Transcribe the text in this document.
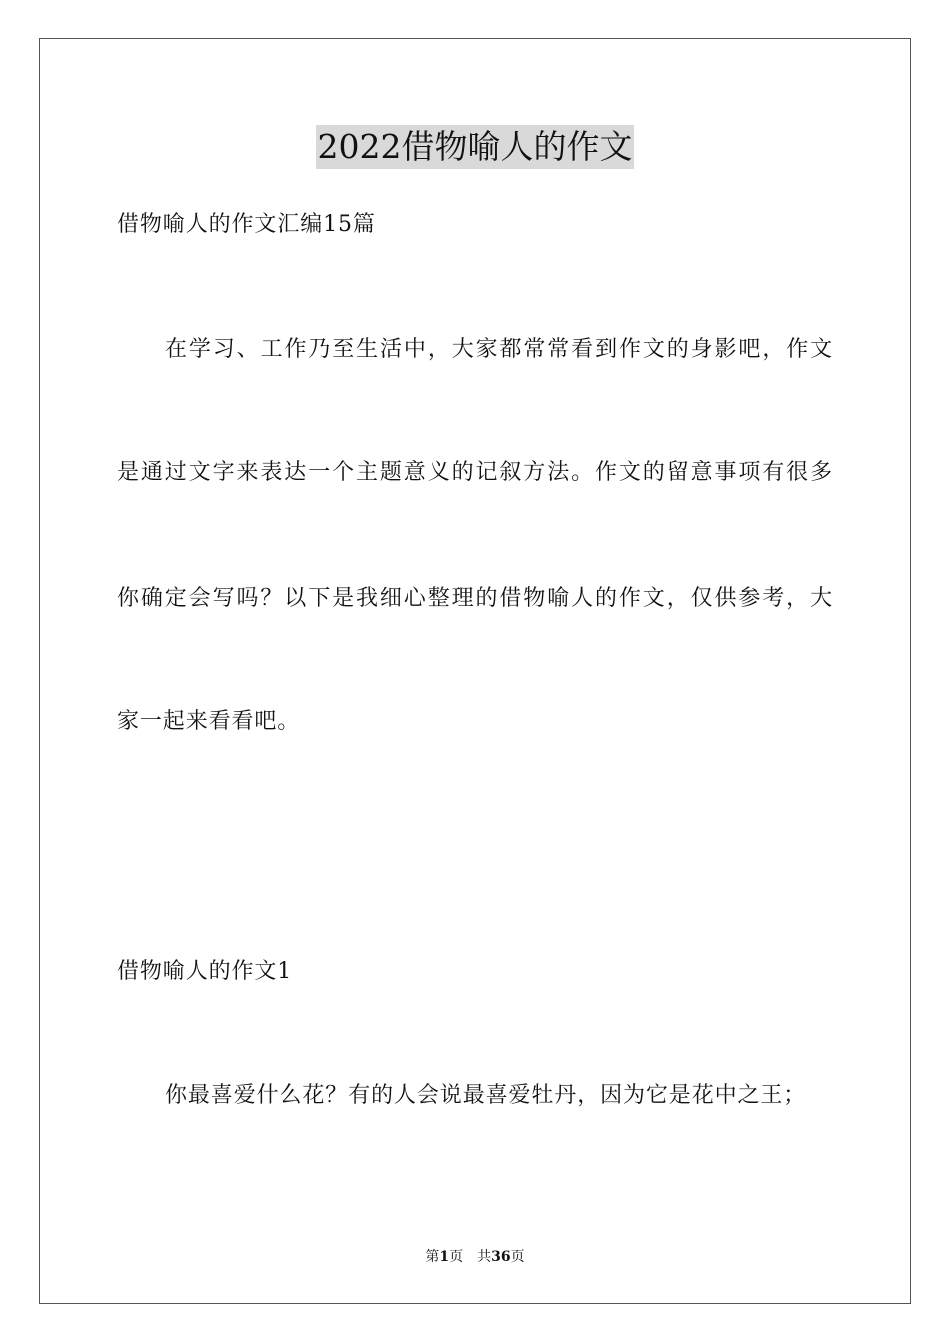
2022借物喻人的作文
借物喻人的作文汇编15篇
在学习、工作乃至生活中，大家都常常看到作文的身影吧，作文
是通过文字来表达一个主题意义的记叙方法。作文的留意事项有很多
你确定会写吗？以下是我细心整理的借物喻人的作文，仅供参考，大
家一起来看看吧。
借物喻人的作文1
你最喜爱什么花？有的人会说最喜爱牡丹，因为它是花中之王；
第1页　共36页
